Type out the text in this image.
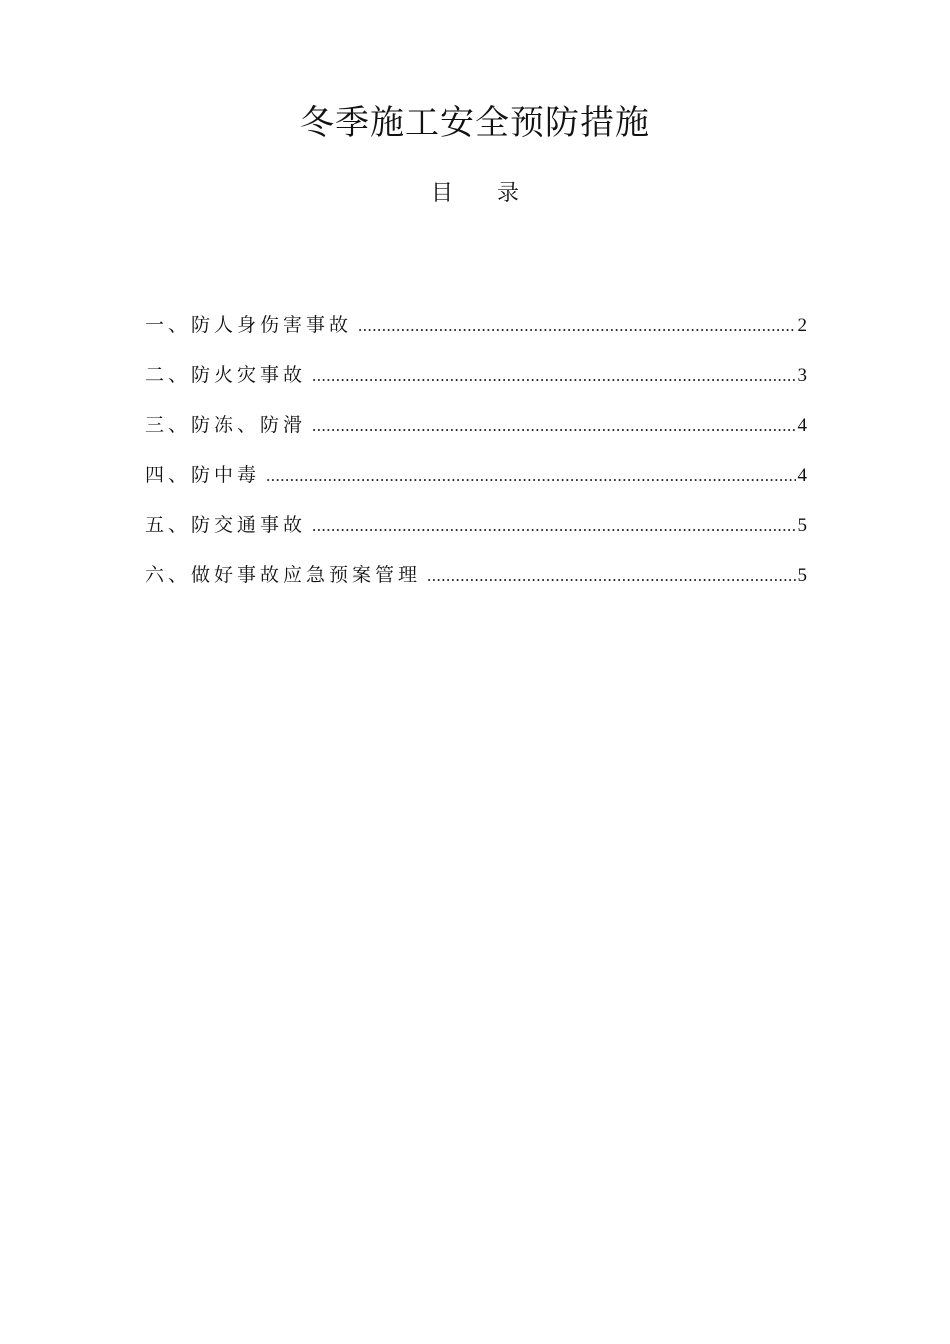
冬季施工安全预防措施
目 录
一、防人身伤害事故 .....	2
二、防火灾事故 .....	3
三、防冻、防滑 .....	4
四、防中毒 .....	4
五、防交通事故 .....	5
六、做好事故应急预案管理 .....	5
